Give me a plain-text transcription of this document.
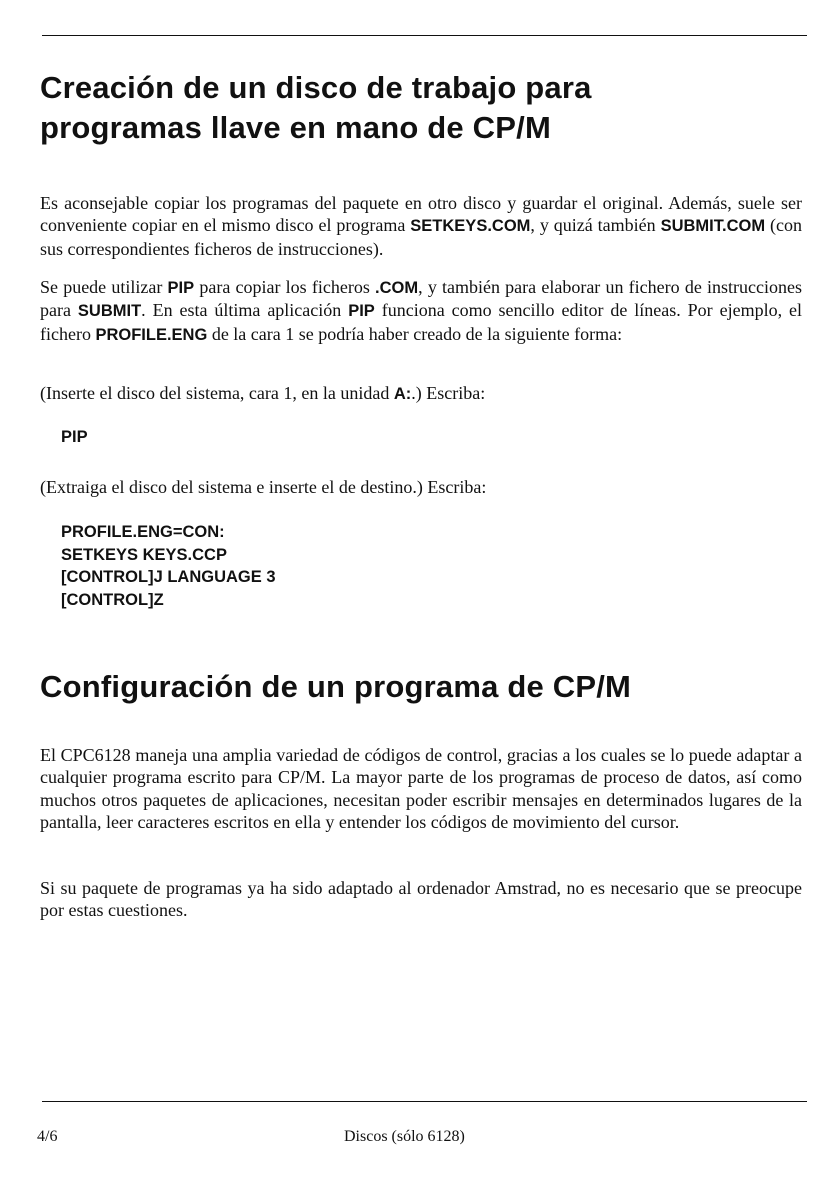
Creación de un disco de trabajo para
programas llave en mano de CP/M

Es aconsejable copiar los programas del paquete en otro disco y guardar el original. Además, suele ser conveniente copiar en el mismo disco el programa SETKEYS.COM, y quizá también SUBMIT.COM (con sus correspondientes ficheros de instrucciones).

Se puede utilizar PIP para copiar los ficheros .COM, y también para elaborar un fichero de instrucciones para SUBMIT. En esta última aplicación PIP funciona como sencillo editor de líneas. Por ejemplo, el fichero PROFILE.ENG de la cara 1 se podría haber creado de la siguiente forma:

(Inserte el disco del sistema, cara 1, en la unidad A:.) Escriba:

PIP

(Extraiga el disco del sistema e inserte el de destino.) Escriba:

PROFILE.ENG=CON:
SETKEYS KEYS.CCP
[CONTROL]J LANGUAGE 3
[CONTROL]Z
Configuración de un programa de CP/M

El CPC6128 maneja una amplia variedad de códigos de control, gracias a los cuales se lo puede adaptar a cualquier programa escrito para CP/M. La mayor parte de los programas de proceso de datos, así como muchos otros paquetes de aplicaciones, necesitan poder escribir mensajes en determinados lugares de la pantalla, leer caracteres escritos en ella y entender los códigos de movimiento del cursor.

Si su paquete de programas ya ha sido adaptado al ordenador Amstrad, no es necesario que se preocupe por estas cuestiones.

4/6	Discos (sólo 6128)
